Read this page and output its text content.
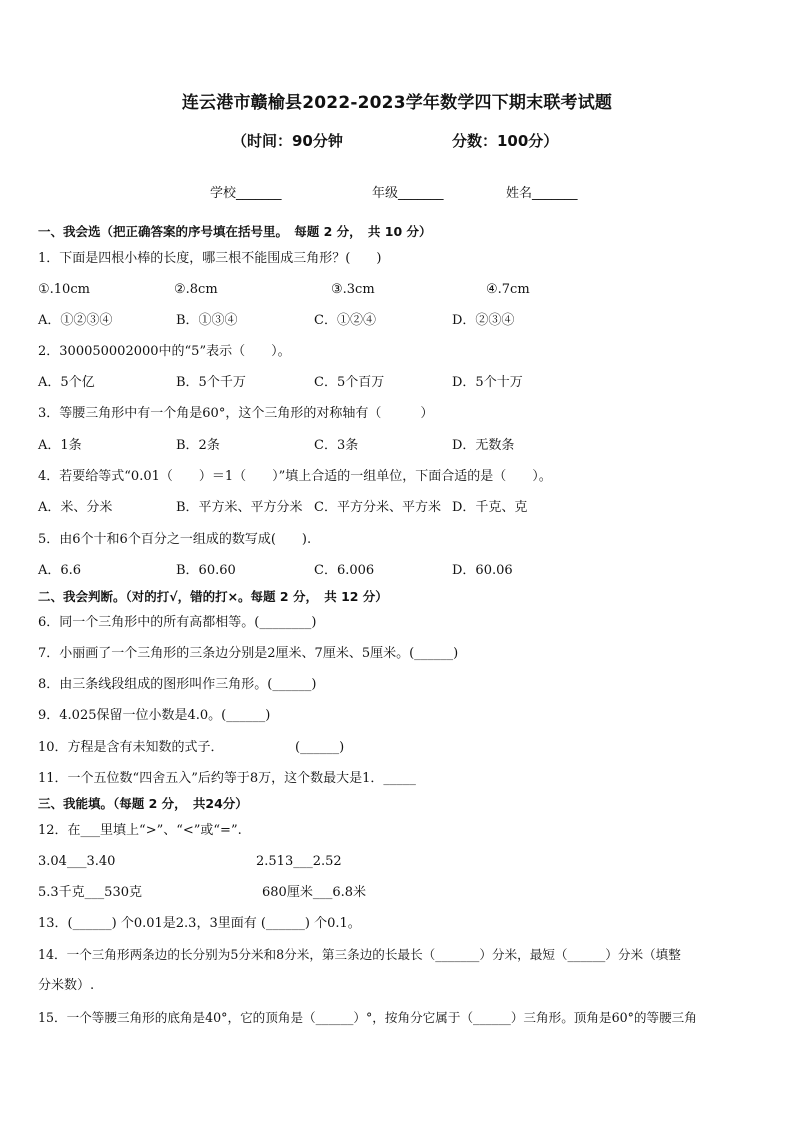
连云港市赣榆县2022-2023学年数学四下期末联考试题
（时间：90分钟	分数：100分）
学校_______	年级_______	姓名_______
一、我会选（把正确答案的序号填在括号里。　每题 2 分，　共 10 分）
1．下面是四根小棒的长度，哪三根不能围成三角形？(　　)
①.10cm	②.8cm	③.3cm	④.7cm
A．①②③④	B．①③④	C．①②④	D．②③④
2．300050002000中的“5”表示（　　）。
A．5个亿	B．5个千万	C．5个百万	D．5个十万
3．等腰三角形中有一个角是60°，这个三角形的对称轴有（　　　）
A．1条	B．2条	C．3条	D．无数条
4．若要给等式“0.01（　　）＝1（　　）”填上合适的一组单位，下面合适的是（　　）。
A．米、分米	B．平方米、平方分米 C．平方分米、平方米 D．千克、克
5．由6个十和6个百分之一组成的数写成(　　).
A．6.6	B．60.60	C．6.006	D．60.06
二、我会判断。（对的打√，错的打×。每题 2 分，　共 12 分）
6．同一个三角形中的所有高都相等。(________)
7．小丽画了一个三角形的三条边分别是2厘米、7厘米、5厘米。(______)
8．由三条线段组成的图形叫作三角形。(______)
9．4.025保留一位小数是4.0。(______)
10．方程是含有未知数的式子．　　　　　　(______)
11．一个五位数“四舍五入”后约等于8万，这个数最大是1．_____
三、我能填。（每题 2 分，　共24分）
12．在___里填上“>”、“<”或“=”.
3.04___3.40	2.513___2.52
5.3千克___530克	680厘米___6.8米
13．(______) 个0.01是2.3，3里面有 (______) 个0.1。
14．一个三角形两条边的长分别为5分米和8分米，第三条边的长最长（_______）分米，最短（______）分米（填整
分米数）.
15．一个等腰三角形的底角是40°，它的顶角是（______）°，按角分它属于（______）三角形。顶角是60°的等腰三角
